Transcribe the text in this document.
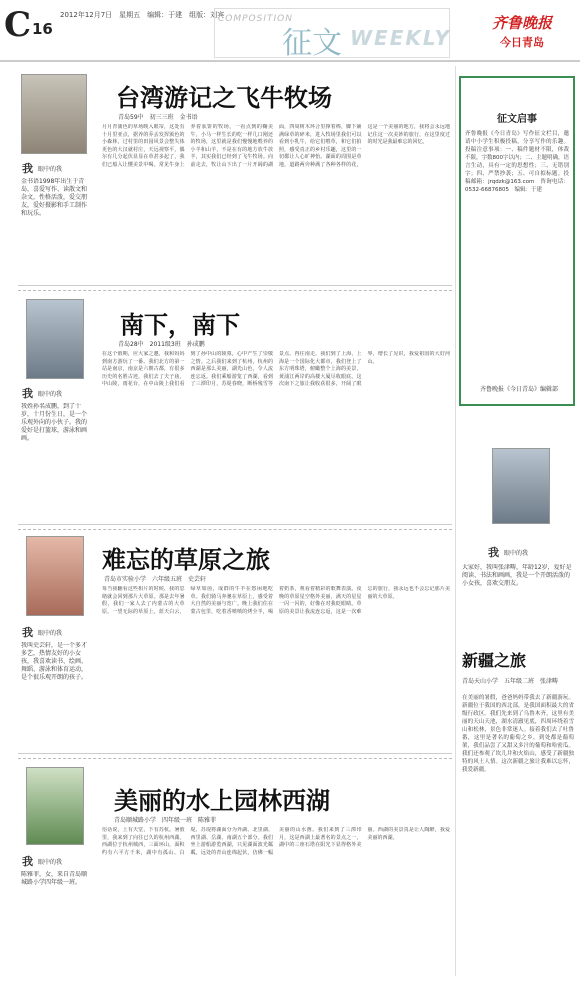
C 16
2012年12月7日　星期五　编辑：于建　组版：刘宾
COMPOSITION
征文 WEEKLY
齐鲁晚报
今日青岛
我 眼中的我
金书语1998年出生于青岛，喜爱写作、读散文和杂文，性格活泼，爱交朋友，爱好摄影和手工制作和玩乐。
台湾游记之飞牛牧场
青岛59中　初三三班　金书语
月月青蒲色的草场映入眼帘，这处有十月里亚点，据养的乔丢发挥颁色的小森林，过村里的田园风景会整失体更色的大汉就村庄，天远视察平，偶尔有几分起伏显显在草甚多起了，我们已船入让懂美景中喝。常见牛身上养着驮饼的牧场，一看点到的鞠美牛，小马一样生长的吃一样几口刚还的牧场，这里就是我们慢慢地喂养的小羊和山羊，不是在有的地方放牛放羊，其实我们已经到了飞牛牧场。向前走去，牧让山下出了一片开阔的湖面，四周树木环合里撑着棒，脚下铺满绿草的碎米，进入牧场里我们可以看到小乳牛，给它们喂草，和它们拍照，感受真正的乡村乐趣，这里的一切都让人心旷神怡。湖面的周围是草地，道路两旁种满了各种各样的花，这是一个美丽的地方，我将会永远地记住这一次美妙的旅行，在这里度过的时光是我最难忘的回忆。
我 眼中的我
我姓孙名成鹏，到了十岁，十月份生日，是一个乐观外向的小伙子。我的爱好是打篮球，游泳和画画。
南下，南下
青岛28中　2011级3班　孙成鹏
在这个假期，应大家之邀，我和妈妈到南方游玩了一番。我们北方的第一站是南京，南京是六朝古都，有很多历史的名胜古迹。我们去了夫子庙，中山陵，雨花台，在中山陵上我们看到了孙中山的陵墓，心中产生了崇敬之情。之后我们来到了杭州，杭州的西湖是那么美丽，湖光山色，令人流连忘返。我们乘船游览了西湖，看到了三潭印月，苏堤春晓，断桥残雪等景点。再往南走，我们到了上海，上海是一个国际化大都市，我们登上了东方明珠塔，俯瞰整个上海的美景，黄浦江两岸的高楼大厦尽收眼底。这次南下之旅让我收获很多，开阔了眼界，增长了见识，我爱祖国的大好河山。
我 眼中的我
我叫史芸轩，是一个多才多艺，热情友好的小女孩，我喜欢读书、绘画、舞蹈、游泳和体育运动，是个很乐观开朗的孩子。
难忘的草原之旅
青岛市实验小学　六年级五班　史芸轩
每当我翻看这些相片的时候，我的思绪就会回到那片大草原。那是去年暑假，我们一家人去了内蒙古的大草原。一望无际的草原上，蓝天白云，绿草如茵，成群的牛羊在悠闲地吃草。我们骑马奔驰在草原上，感受着大自然的美丽与宽广。晚上我们住在蒙古包里，吃着香喷喷的烤全羊，喝着奶茶，观看着精彩的歌舞表演。夜晚的草原星空格外美丽，满天的星星一闪一闪的，好像在对我眨眼睛。草原的美景让我流连忘返，这是一次难忘的旅行，我永远也不会忘记那片美丽的大草原。
我 眼中的我
陈雅菲，女，来自青岛顺城路小学四年级一班。
美丽的水上园林西湖
青岛顺城路小学　四年级一班　陈雅菲
俗话说，上有天堂，下有苏杭。暑假里，我来到了向往已久的杭州西湖。西湖位于杭州城西，三面环山，面积约有六平方千米，湖中有孤山、白堤、苏堤将湖面分为外湖、北里湖、西里湖、岳湖、南湖五个部分。我们坐上游船游览西湖，只见湖面波光粼粼，远处的青山连绵起伏，仿佛一幅美丽的山水画。我们来到了三潭印月，这是西湖上最著名的景点之一，湖中的三座石塔在阳光下显得格外美丽。西湖的美景真是让人陶醉，我爱美丽的西湖。
征文启事
齐鲁晚报《今日青岛》写作征文栏目，邀请中小学生积极投稿，分享写作的乐趣。投稿注意事项：一、稿件题材不限，体裁不限，字数800字以内；二、主题明确，语言生动，具有一定的思想性；三、无错别字；四、严禁抄袭；五、可自拟标题。投稿邮箱：jrqdzk@163.com　咨询电话：0532-66876805　编辑：于建
齐鲁晚报《今日青岛》编辑部
我 眼中的我
大家好，我叫张津畴，年龄12岁，爱好是阅读、书法和画画，我是一个开朗活泼的小女孩，喜欢交朋友。
新疆之旅
青岛天山小学　五年级二班　张津畴
在美丽的暑假，爸爸妈妈带我去了新疆游玩。新疆位于我国的西北部，是我国面积最大的省级行政区。我们先来到了乌鲁木齐，这里有美丽的天山天池，湖水清澈见底，四周环绕着雪山和松林，景色非常迷人。接着我们去了吐鲁番，这里是著名的葡萄之乡，到处都是葡萄架，我们品尝了又甜又多汁的葡萄和哈密瓜。我们还参观了坎儿井和火焰山，感受了新疆独特的风土人情。这次新疆之旅让我难以忘怀，我爱新疆。
